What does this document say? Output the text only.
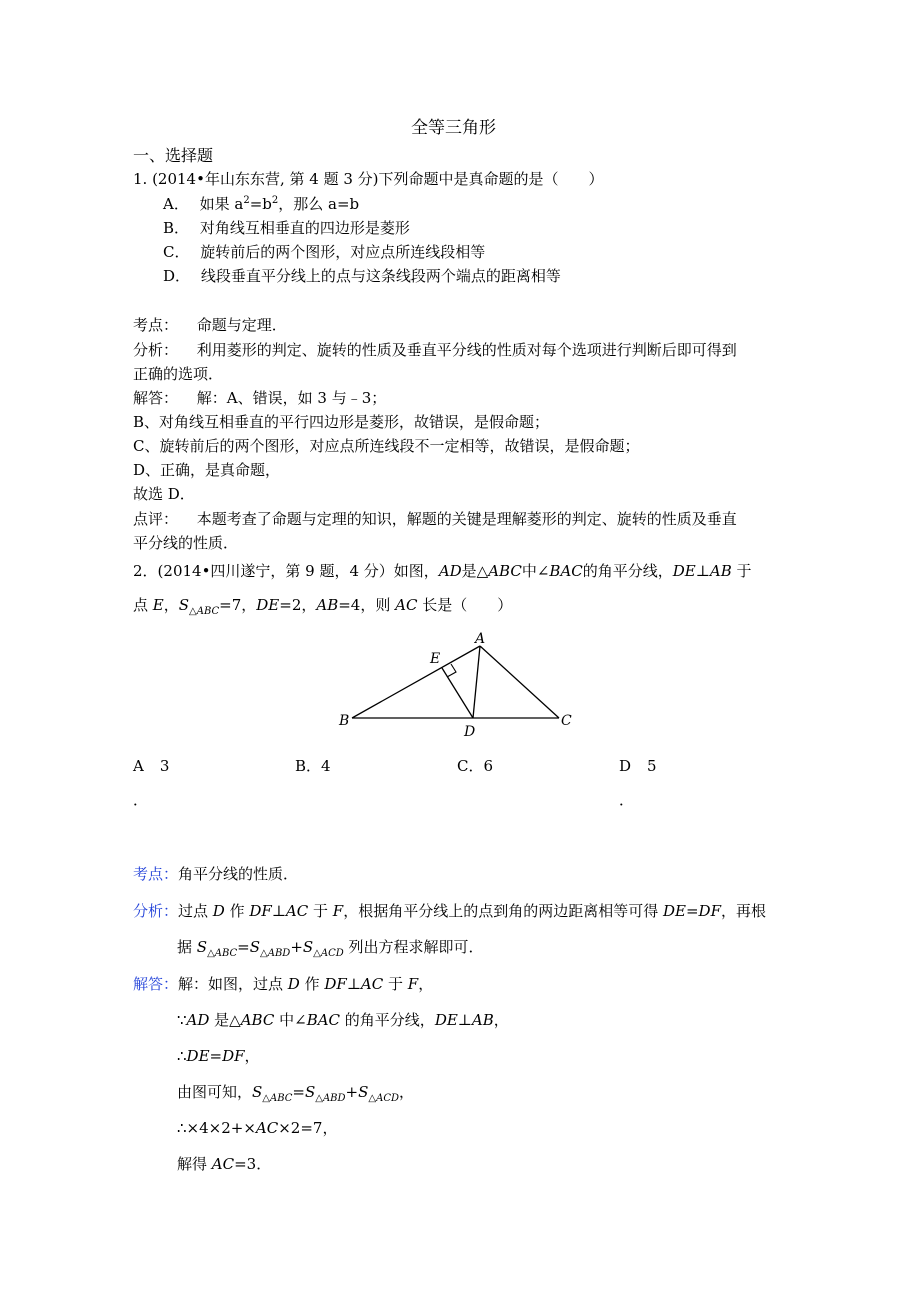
全等三角形
一、选择题
1. (2014•年山东东营, 第 4 题 3 分)下列命题中是真命题的是（　　）
A． 如果 $a^2=b^2$，那么 a=b
B． 对角线互相垂直的四边形是菱形
C． 旋转前后的两个图形，对应点所连线段相等
D． 线段垂直平分线上的点与这条线段两个端点的距离相等
考点： 命题与定理．
分析： 利用菱形的判定、旋转的性质及垂直平分线的性质对每个选项进行判断后即可得到
正确的选项．
解答： 解：A、错误，如 3 与﹣3；
B、对角线互相垂直的平行四边形是菱形，故错误，是假命题；
C、旋转前后的两个图形，对应点所连线段不一定相等，故错误，是假命题；
D、正确，是真命题，
故选 D．
点评： 本题考查了命题与定理的知识，解题的关键是理解菱形的判定、旋转的性质及垂直
平分线的性质．
2．(2014•四川遂宁，第 9 题，4 分）如图，AD是△ABC中∠BAC的角平分线，DE⊥AB 于
点 E，$S_{\triangle ABC}=7$，DE=2，AB=4，则 AC 长是（　　）
A
B	C
D
E
A 3	B．4	C．6	D 5
．	．
考点：角平分线的性质．
分析：过点 D 作 DF⊥AC 于 F，根据角平分线上的点到角的两边距离相等可得 DE=DF，再根
据 $S_{\triangle ABC}=S_{\triangle ABD}+S_{\triangle ACD}$ 列出方程求解即可．
解答：解：如图，过点 D 作 DF⊥AC 于 F，
∵AD 是△ABC 中∠BAC 的角平分线，DE⊥AB，
∴DE=DF，
由图可知，$S_{\triangle ABC}=S_{\triangle ABD}+S_{\triangle ACD}$，
∴×4×2+×AC×2=7，
解得 AC=3．
